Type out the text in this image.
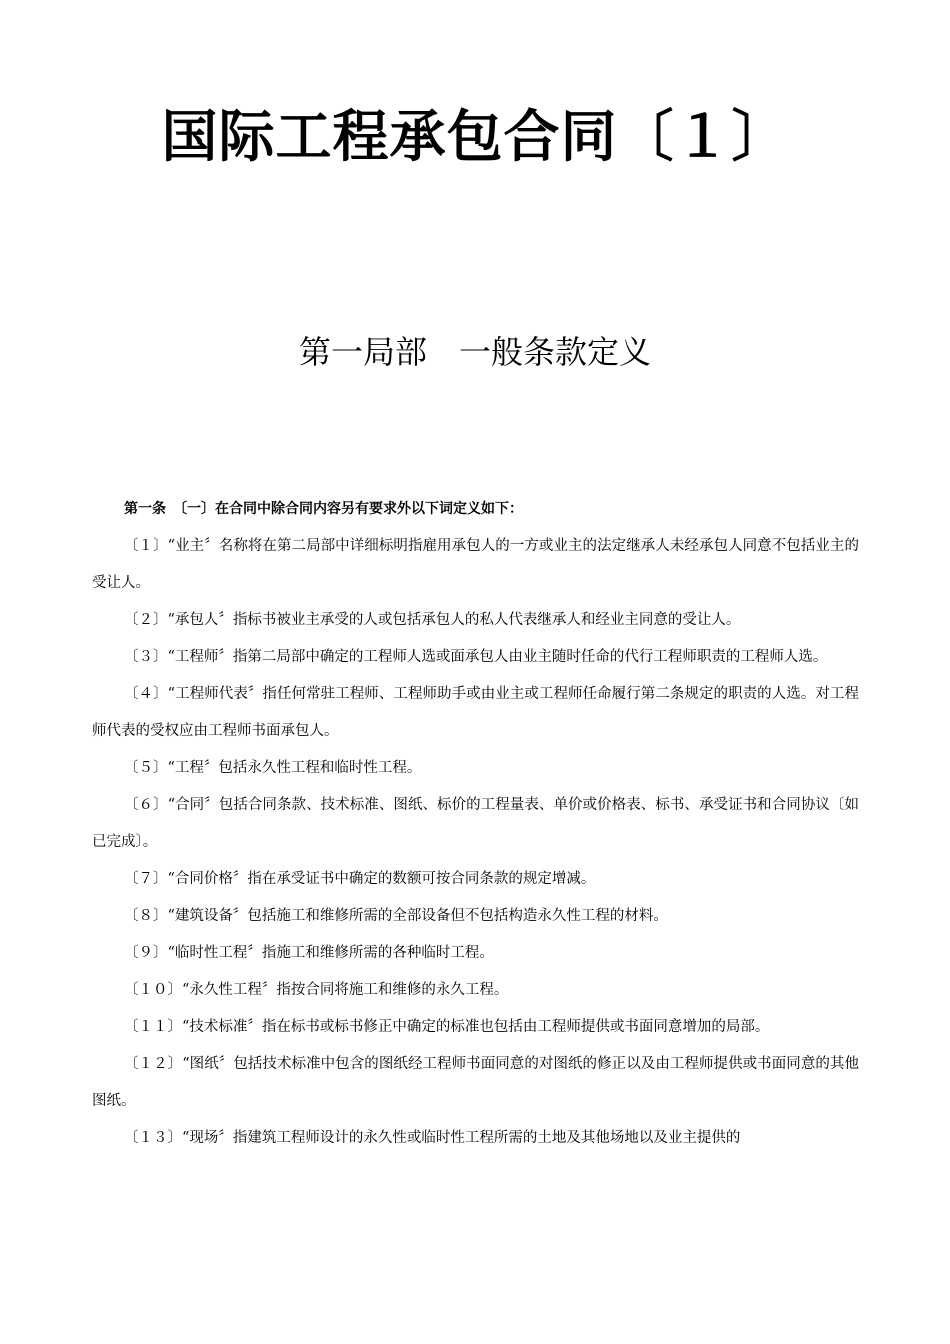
国际工程承包合同〔１〕
第一局部　一般条款定义
第一条　〔一〕在合同中除合同内容另有要求外以下词定义如下：

〔１〕“业主〞名称将在第二局部中详细标明指雇用承包人的一方或业主的法定继承人未经承包人同意不包括业主的受让人。

〔２〕“承包人〞指标书被业主承受的人或包括承包人的私人代表继承人和经业主同意的受让人。

〔３〕“工程师〞指第二局部中确定的工程师人选或面承包人由业主随时任命的代行工程师职责的工程师人选。

〔４〕“工程师代表〞指任何常驻工程师、工程师助手或由业主或工程师任命履行第二条规定的职责的人选。对工程师代表的受权应由工程师书面承包人。

〔５〕“工程〞包括永久性工程和临时性工程。

〔６〕“合同〞包括合同条款、技术标准、图纸、标价的工程量表、单价或价格表、标书、承受证书和合同协议〔如已完成〕。

〔７〕“合同价格〞指在承受证书中确定的数额可按合同条款的规定增减。

〔８〕“建筑设备〞包括施工和维修所需的全部设备但不包括构造永久性工程的材料。

〔９〕“临时性工程〞指施工和维修所需的各种临时工程。

〔１０〕“永久性工程〞指按合同将施工和维修的永久工程。

〔１１〕“技术标准〞指在标书或标书修正中确定的标准也包括由工程师提供或书面同意增加的局部。

〔１２〕“图纸〞包括技术标准中包含的图纸经工程师书面同意的对图纸的修正以及由工程师提供或书面同意的其他图纸。

〔１３〕“现场〞指建筑工程师设计的永久性或临时性工程所需的土地及其他场地以及业主提供的
